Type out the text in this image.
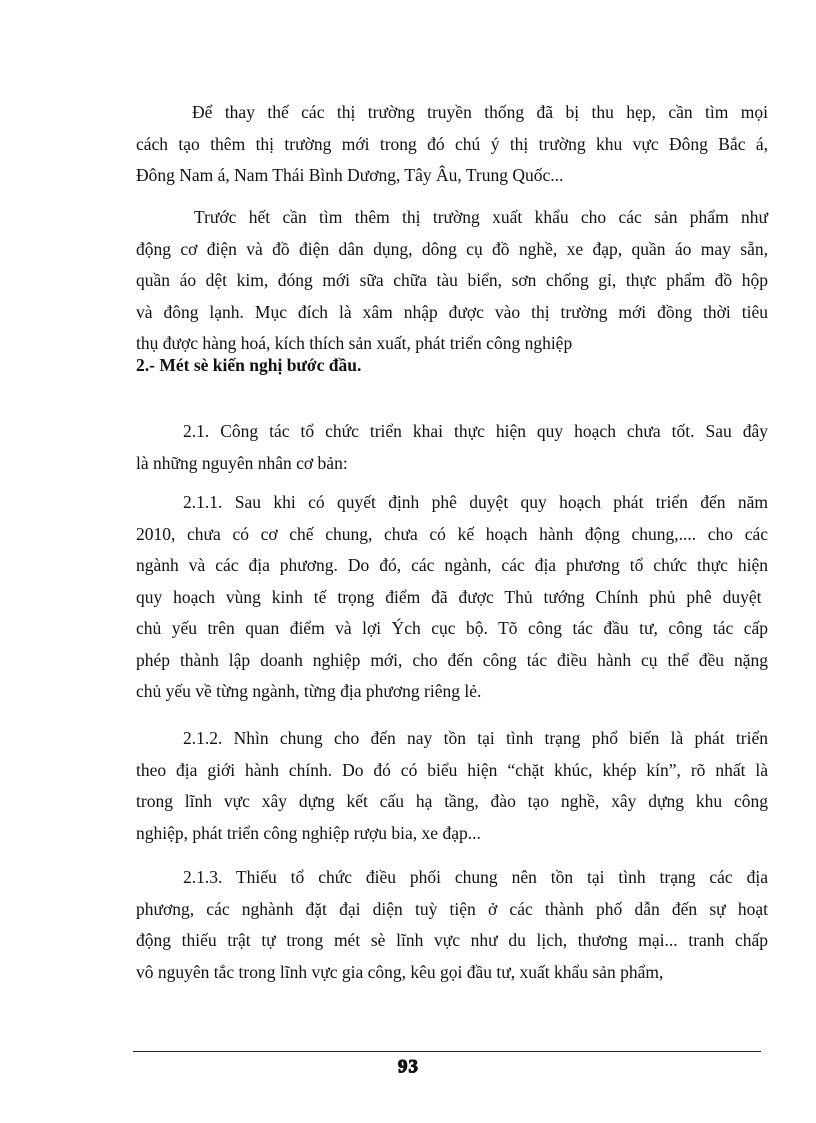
Để thay thế các thị trường truyền thống đã bị thu hẹp, cần tìm mọi
cách tạo thêm thị trường mới trong đó chú ý thị trường khu vực Đông Bắc á,
Đông Nam á, Nam Thái Bình Dương, Tây Âu, Trung Quốc...
Trước hết cần tìm thêm thị trường xuất khẩu cho các sản phẩm như
động cơ điện và đồ điện dân dụng, dông cụ đồ nghề, xe đạp, quần áo may sẵn,
quần áo dệt kim, đóng mới sữa chữa tàu biển, sơn chống gỉ, thực phẩm đồ hộp
và đông lạnh. Mục đích là xâm nhập được vào thị trường mới đồng thời tiêu
thụ được hàng hoá, kích thích sản xuất, phát triển công nghiệp
2.- Mét sè kiến nghị bước đầu.
2.1. Công tác tổ chức triển khai thực hiện quy hoạch chưa tốt. Sau đây
là những nguyên nhân cơ bản:
2.1.1. Sau khi có quyết định phê duyệt quy hoạch phát triển đến năm
2010, chưa có cơ chế chung, chưa có kế hoạch hành động chung,.... cho các
ngành và các địa phương. Do đó, các ngành, các địa phương tổ chức thực hiện
quy hoạch vùng kinh tế trọng điểm đã được Thủ tướng Chính phủ phê duyệt
chủ yếu trên quan điểm và lợi Ých cục bộ. Tõ công tác đầu tư, công tác cấp
phép thành lập doanh nghiệp mới, cho đến công tác điều hành cụ thể đều nặng
chủ yếu về từng ngành, từng địa phương riêng lẻ.
2.1.2. Nhìn chung cho đến nay tồn tại tình trạng phổ biến là phát triển
theo địa giới hành chính. Do đó có biểu hiện “chặt khúc, khép kín”, rõ nhất là
trong lĩnh vực xây dựng kết cấu hạ tầng, đào tạo nghề, xây dựng khu công
nghiệp, phát triển công nghiệp rượu bia, xe đạp...
2.1.3. Thiếu tổ chức điều phối chung nên tồn tại tình trạng các địa
phương, các nghành đặt đại diện tuỳ tiện ở các thành phố dẫn đến sự hoạt
động thiếu trật tự trong mét sè lĩnh vực như du lịch, thương mại... tranh chấp
vô nguyên tắc trong lĩnh vực gia công, kêu gọi đầu tư, xuất khẩu sản phẩm,
93
